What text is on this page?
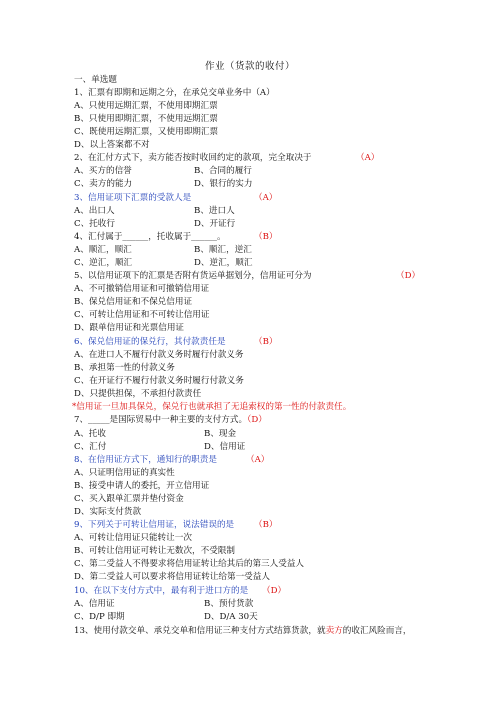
作业（货款的收付）
一、单选题
1、汇票有即期和远期之分，在承兑交单业务中（A）
A、只使用远期汇票，不使用即期汇票
B、只使用即期汇票，不使用远期汇票
C、既使用远期汇票，又使用即期汇票
D、以上答案都不对
2、在汇付方式下，卖方能否按时收回约定的款项，完全取决于	（A）
A、买方的信誉	B、合同的履行
C、卖方的能力	D、银行的实力
3、信用证项下汇票的受款人是	（A）
A、出口人	B、进口人
C、托收行	D、开证行
4、汇付属于______，托收属于______。	（B）
A、顺汇，顺汇	B、顺汇，逆汇
C、逆汇，顺汇	D、逆汇，顺汇
5、以信用证项下的汇票是否附有货运单据划分，信用证可分为	（D）
A、不可撤销信用证和可撤销信用证
B、保兑信用证和不保兑信用证
C、可转让信用证和不可转让信用证
D、跟单信用证和光票信用证
6、保兑信用证的保兑行，其付款责任是	（B）
A、在进口人不履行付款义务时履行付款义务
B、承担第一性的付款义务
C、在开证行不履行付款义务时履行付款义务
D、只提供担保，不承担付款责任
*信用证一旦加具保兑，保兑行也就承担了无追索权的第一性的付款责任。
7、_____是国际贸易中一种主要的支付方式。（D）
A、托收	B、现金
C、汇付	D、信用证
8、在信用证方式下，通知行的职责是	（A）
A、只证明信用证的真实性
B、接受申请人的委托，开立信用证
C、买入跟单汇票并垫付资金
D、实际支付货款
9、下列关于可转让信用证，说法错误的是 （B）
A、可转让信用证只能转让一次
B、可转让信用证可转让无数次，不受限制
C、第二受益人不得要求将信用证转让给其后的第三人受益人
D、第二受益人可以要求将信用证转让给第一受益人
10、在以下支付方式中，最有利于进口方的是 （D）
A、信用证	B、预付货款
C、D/P 即期	D、D/A 30天
13、使用付款交单、承兑交单和信用证三种支付方式结算货款，就卖方的收汇风险而言，
